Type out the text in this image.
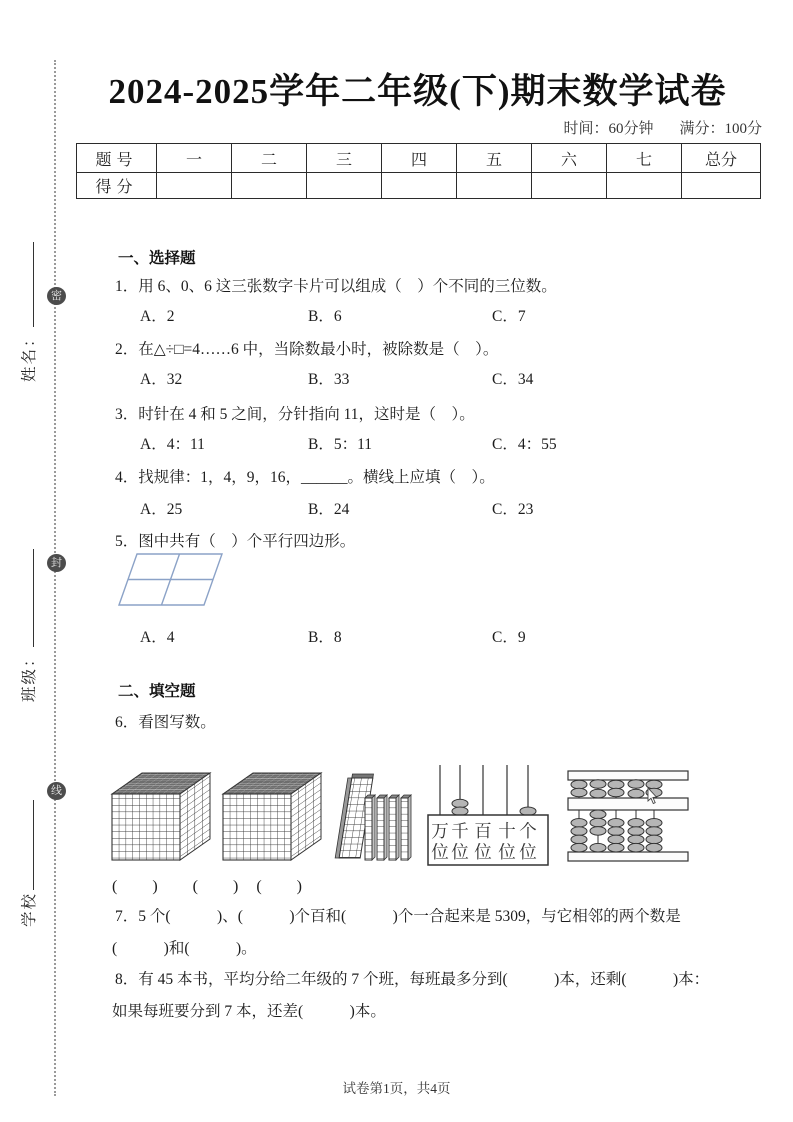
密
封
线
姓名：
班级：
学校
2024-2025学年二年级(下)期末数学试卷
时间：60分钟 满分：100分
题号	一	二	三	四	五	六	七	总分
得分								
一、选择题
1．用 6、0、6 这三张数字卡片可以组成（　）个不同的三位数。
A．2	B．6	C．7
2．在△÷□=4……6 中，当除数最小时，被除数是（　）。
A．32	B．33	C．34
3．时针在 4 和 5 之间，分针指向 11，这时是（　）。
A．4：11	B．5：11	C．4：55
4．找规律：1，4，9，16，______。横线上应填（　）。
A．25	B．24	C．23
5．图中共有（　）个平行四边形。
A．4	B．8	C．9
二、填空题
6．看图写数。
万 千 百 十 个
位 位 位 位 位
(　　)　　(　　)　(　　)
7．5 个(　　　)、(　　　)个百和(　　　)个一合起来是 5309，与它相邻的两个数是
(　　　)和(　　　)。
8．有 45 本书，平均分给二年级的 7 个班，每班最多分到(　　　)本，还剩(　　　)本：
如果每班要分到 7 本，还差(　　　)本。
试卷第1页，共4页
